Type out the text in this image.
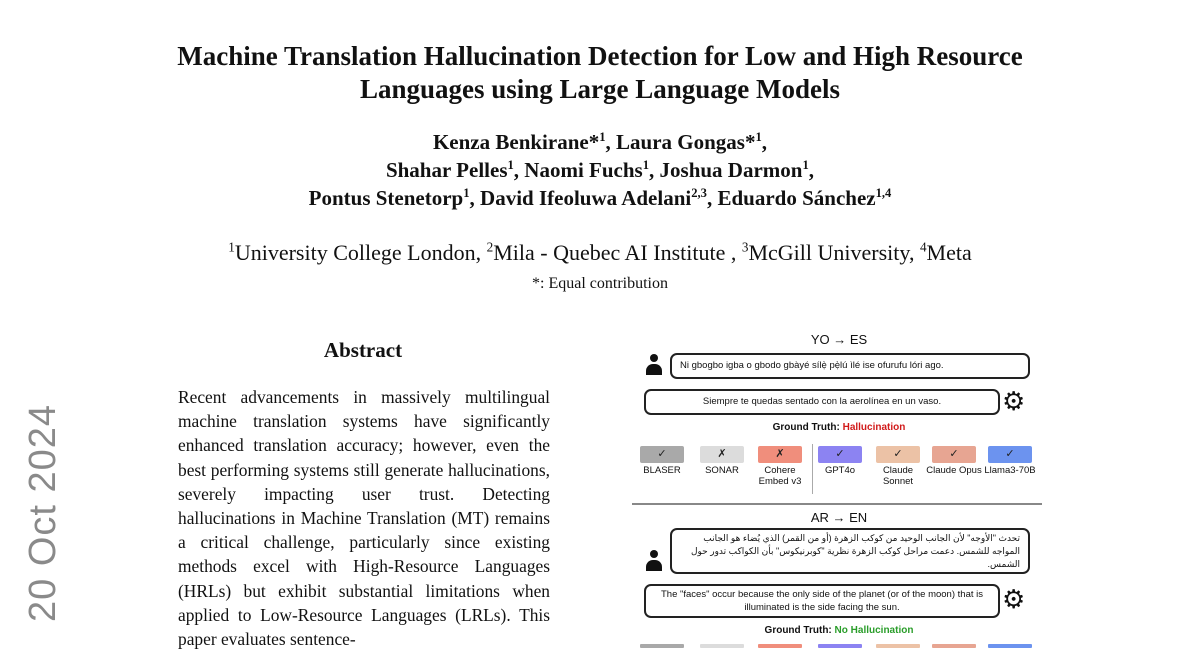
Machine Translation Hallucination Detection for Low and High Resource
Languages using Large Language Models
Kenza Benkirane*$^1$, Laura Gongas*$^1$,
Shahar Pelles$^1$, Naomi Fuchs$^1$, Joshua Darmon$^1$,
Pontus Stenetorp$^1$, David Ifeoluwa Adelani$^{2,3}$, Eduardo Sánchez$^{1,4}$
$^1$University College London, $^2$Mila - Quebec AI Institute , $^3$McGill University, $^4$Meta
*: Equal contribution
20 Oct 2024
Abstract
Recent advancements in massively multilingual machine translation systems have significantly enhanced translation accuracy; however, even the best performing systems still generate hallucinations, severely impacting user trust. Detecting hallucinations in Machine Translation (MT) remains a critical challenge, particularly since existing methods excel with High-Resource Languages (HRLs) but exhibit substantial limitations when applied to Low-Resource Languages (LRLs). This paper evaluates sentence-
YO → ES
Ni gbogbo igba o gbodo gbàyé sílẹ̀ pẹ̀lú ìlé ise ofurufu lóri ago.
Siempre te quedas sentado con la aerolínea en un vaso.	⚙
Ground Truth: Hallucination
✓
BLASER
✗
SONAR
✗
Cohere Embed v3
✓
GPT4o
✓
Claude Sonnet
✓
Claude Opus
✓
Llama3-70B
AR → EN
تحدث "الأوجه" لأن الجانب الوحيد من كوكب الزهرة (أو من القمر) الذي يُضاء هو الجانب المواجه للشمس. دعمت مراحل كوكب الزهرة نظرية "كوبرنيكوس" بأن الكواكب تدور حول الشمس.
The "faces" occur because the only side of the planet (or of the moon) that is illuminated is the side facing the sun.	⚙
Ground Truth: No Hallucination
